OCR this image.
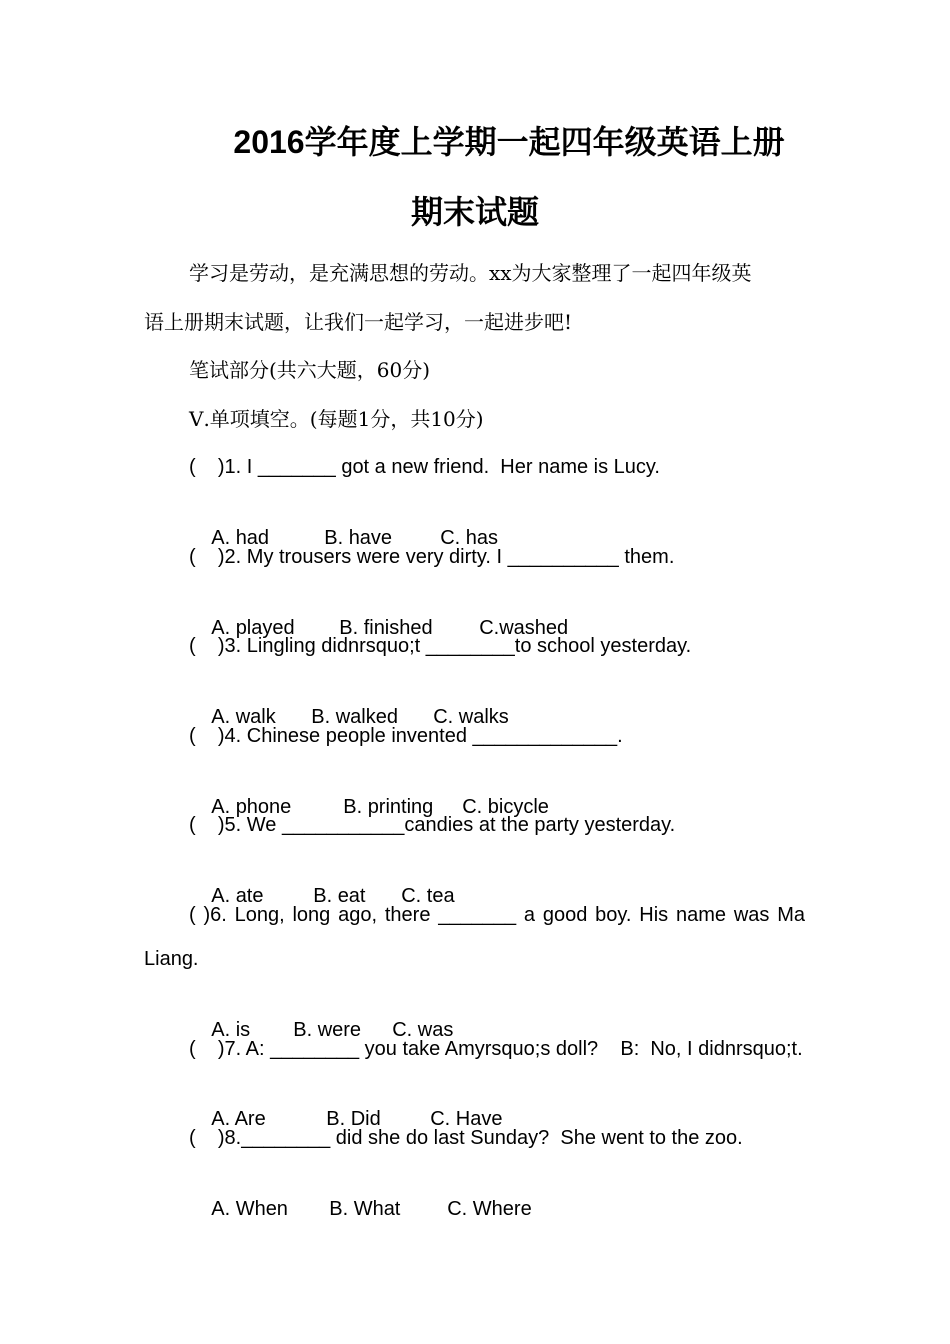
2016学年度上学期一起四年级英语上册
期末试题
学习是劳动，是充满思想的劳动。xx为大家整理了一起四年级英
语上册期末试题，让我们一起学习，一起进步吧!
笔试部分(共六大题，60分)
Ⅴ.单项填空。(每题1分，共10分)
(    )1. I _______ got a new friend.  Her name is Lucy.

A. had	B. have C. has

(    )2. My trousers were very dirty. I __________ them.

A. played B. finished C.washed

(    )3. Lingling didnrsquo;t ________to school yesterday.

A. walk B. walked C. walks

(    )4. Chinese people invented _____________.

A. phone	B. printing C. bicycle

(    )5. We ___________candies at the party yesterday.

A. ate B. eat C. tea

( )6. Long, long ago, there _______ a good boy. His name was Ma
Liang.

A. is B. were C. was

(    )7. A: ________ you take Amyrsquo;s doll?    B:  No, I didnrsquo;t.

A. Are	B. Did C. Have

(    )8.________ did she do last Sunday?  She went to the zoo.

A. When B. What C. Where
